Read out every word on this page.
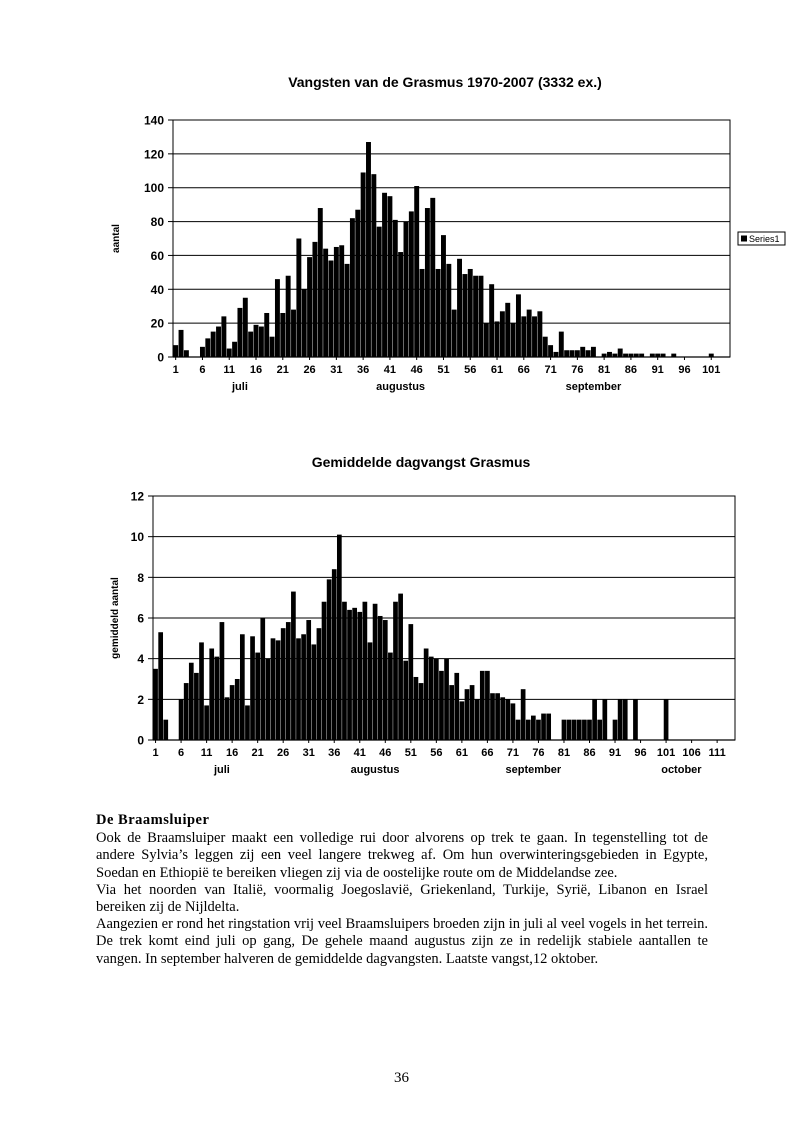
Vangsten van de Grasmus 1970-2007 (3332 ex.)
0
20
40
60
80
100
120
140
1 6 11 16 21 26 31 36 41 46 51 56 61 66 71 76 81 86 91 96 101
juli	augustus	september
aantal	Series1
Gemiddelde dagvangst Grasmus
0
2
4
6
8
10
12
1 6 11 16 21 26 31 36 41 46 51 56 61 66 71 76 81 86 91 96 101 106 111
juli	augustus	september	october
gemiddeld aantal
De Braamsluiper

Ook de Braamsluiper maakt een volledige rui door alvorens op trek te gaan. In tegenstelling tot de andere Sylvia’s leggen zij een veel langere trekweg af. Om hun overwinteringsgebieden in Egypte, Soedan en Ethiopië te bereiken vliegen zij via de oostelijke route om de Middelandse zee.

Via het noorden van Italië, voormalig Joegoslavië, Griekenland, Turkije, Syrië, Libanon en Israel bereiken zij de Nijldelta.

Aangezien er rond het ringstation vrij veel Braamsluipers broeden zijn in juli al veel vogels in het terrein. De trek komt eind juli op gang, De gehele maand augustus zijn ze in redelijk stabiele aantallen te vangen. In september halveren de gemiddelde dagvangsten. Laatste vangst,12 oktober.

36
